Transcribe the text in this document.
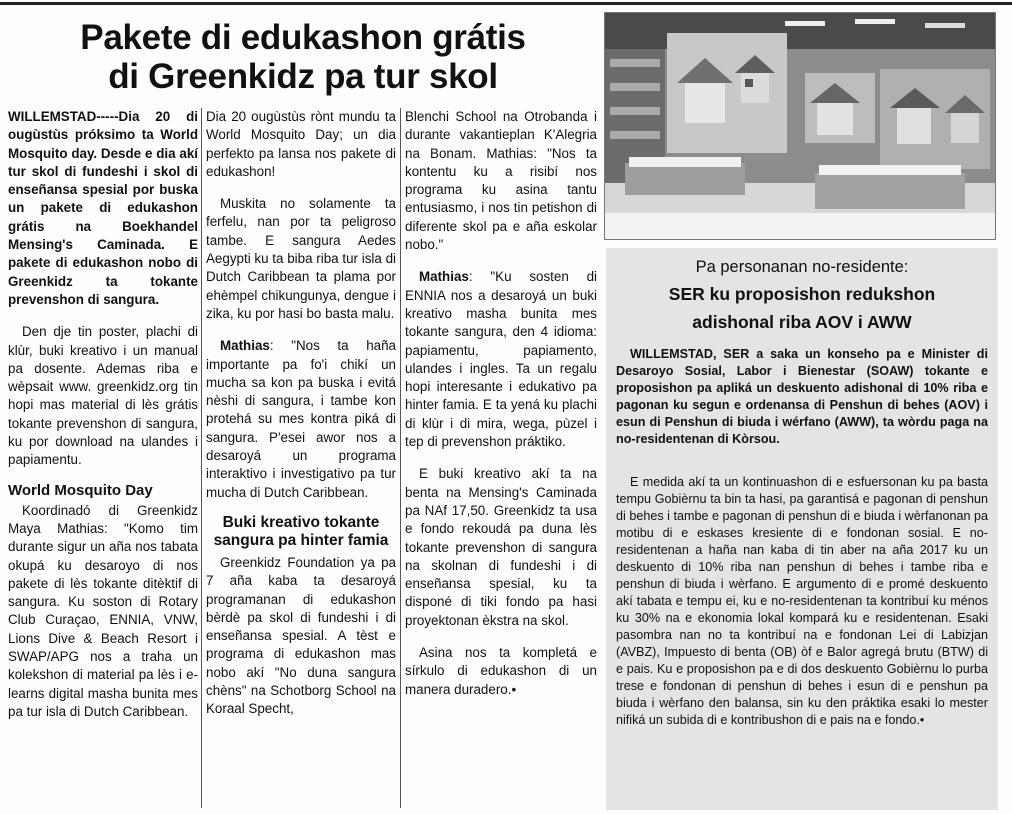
Pakete di edukashon grátis
di Greenkidz pa tur skol

WILLEMSTAD-----Dia 20 di ougùstùs próksimo ta World Mosquito day. Desde e dia akí tur skol di fundeshi i skol di enseñansa spesial por buska un pakete di edukashon grátis na Boekhandel Mensing's Caminada. E pakete di edukashon nobo di Greenkidz ta tokante prevenshon di sangura.

Den dje tin poster, plachi di klùr, buki kreativo i un manual pa dosente. Ademas riba e wèpsait www. greenkidz.org tin hopi mas material di lès grátis tokante prevenshon di sangura, ku por download na ulandes i papiamentu.

World Mosquito Day

Koordinadó di Greenkidz Maya Mathias: "Komo tim durante sigur un aña nos tabata okupá ku desaroyo di nos pakete di lès tokante ditèktif di sangura. Ku soston di Rotary Club Curaçao, ENNIA, VNW, Lions Dive & Beach Resort i SWAP/APG nos a traha un kolekshon di material pa lès i e-learns digital masha bunita mes pa tur isla di Dutch Caribbean.

Dia 20 ougùstùs rònt mundu ta World Mosquito Day; un dia perfekto pa lansa nos pakete di edukashon!

Muskita no solamente ta ferfelu, nan por ta peligroso tambe. E sangura Aedes Aegypti ku ta biba riba tur isla di Dutch Caribbean ta plama por ehèmpel chikungunya, dengue i zika, ku por hasi bo basta malu.

Mathias: "Nos ta haña importante pa fo'i chikí un mucha sa kon pa buska i evitá nèshi di sangura, i tambe kon protehá su mes kontra piká di sangura. P'esei awor nos a desaroyá un programa interaktivo i investigativo pa tur mucha di Dutch Caribbean.

Buki kreativo tokante sangura pa hinter famia

Greenkidz Foundation ya pa 7 aña kaba ta desaroyá programanan di edukashon bèrdè pa skol di fundeshi i di enseñansa spesial. A tèst e programa di edukashon mas nobo akí "No duna sangura chèns" na Schotborg School na Koraal Specht,

Blenchi School na Otrobanda i durante vakantieplan K'Alegria na Bonam. Mathias: "Nos ta kontentu ku a risibí nos programa ku asina tantu entusiasmo, i nos tin petishon di diferente skol pa e aña eskolar nobo."

Mathias: "Ku sosten di ENNIA nos a desaroyá un buki kreativo masha bunita mes tokante sangura, den 4 idioma: papiamentu, papiamento, ulandes i ingles. Ta un regalu hopi interesante i edukativo pa hinter famia. E ta yená ku plachi di klùr i di mira, wega, pùzel i tep di prevenshon práktiko.

E buki kreativo akí ta na benta na Mensing's Caminada pa NAf 17,50. Greenkidz ta usa e fondo rekoudá pa duna lès tokante prevenshon di sangura na skolnan di fundeshi i di enseñansa spesial, ku ta disponé di tiki fondo pa hasi proyektonan èkstra na skol.

Asina nos ta kompletá e sírkulo di edukashon di un manera duradero.•

Pa personanan no-residente:
SER ku proposishon redukshon
adishonal riba AOV i AWW

WILLEMSTAD, SER a saka un konseho pa e Minister di Desaroyo Sosial, Labor i Bienestar (SOAW) tokante e proposishon pa apliká un deskuento adishonal di 10% riba e pagonan ku segun e ordenansa di Penshun di behes (AOV) i esun di Penshun di biuda i wérfano (AWW), ta wòrdu paga na no-residentenan di Kòrsou.

E medida akí ta un kontinuashon di e esfuersonan ku pa basta tempu Gobièrnu ta bin ta hasi, pa garantisá e pagonan di penshun di behes i tambe e pagonan di penshun di e biuda i wèrfanonan pa motibu di e eskases kresiente di e fondonan sosial. E no-residentenan a haña nan kaba di tin aber na aña 2017 ku un deskuento di 10% riba nan penshun di behes i tambe riba e penshun di biuda i wèrfano. E argumento di e promé deskuento akí tabata e tempu ei, ku e no-residentenan ta kontribuí ku ménos ku 30% na e ekonomia lokal kompará ku e residentenan. Esaki pasombra nan no ta kontribuí na e fondonan Lei di Labizjan (AVBZ), Impuesto di benta (OB) òf e Balor agregá brutu (BTW) di e pais. Ku e proposishon pa e di dos deskuento Gobièrnu lo purba trese e fondonan di penshun di behes i esun di e penshun pa biuda i wèrfano den balansa, sin ku den práktika esaki lo mester nifiká un subida di e kontribushon di e pais na e fondo.•
